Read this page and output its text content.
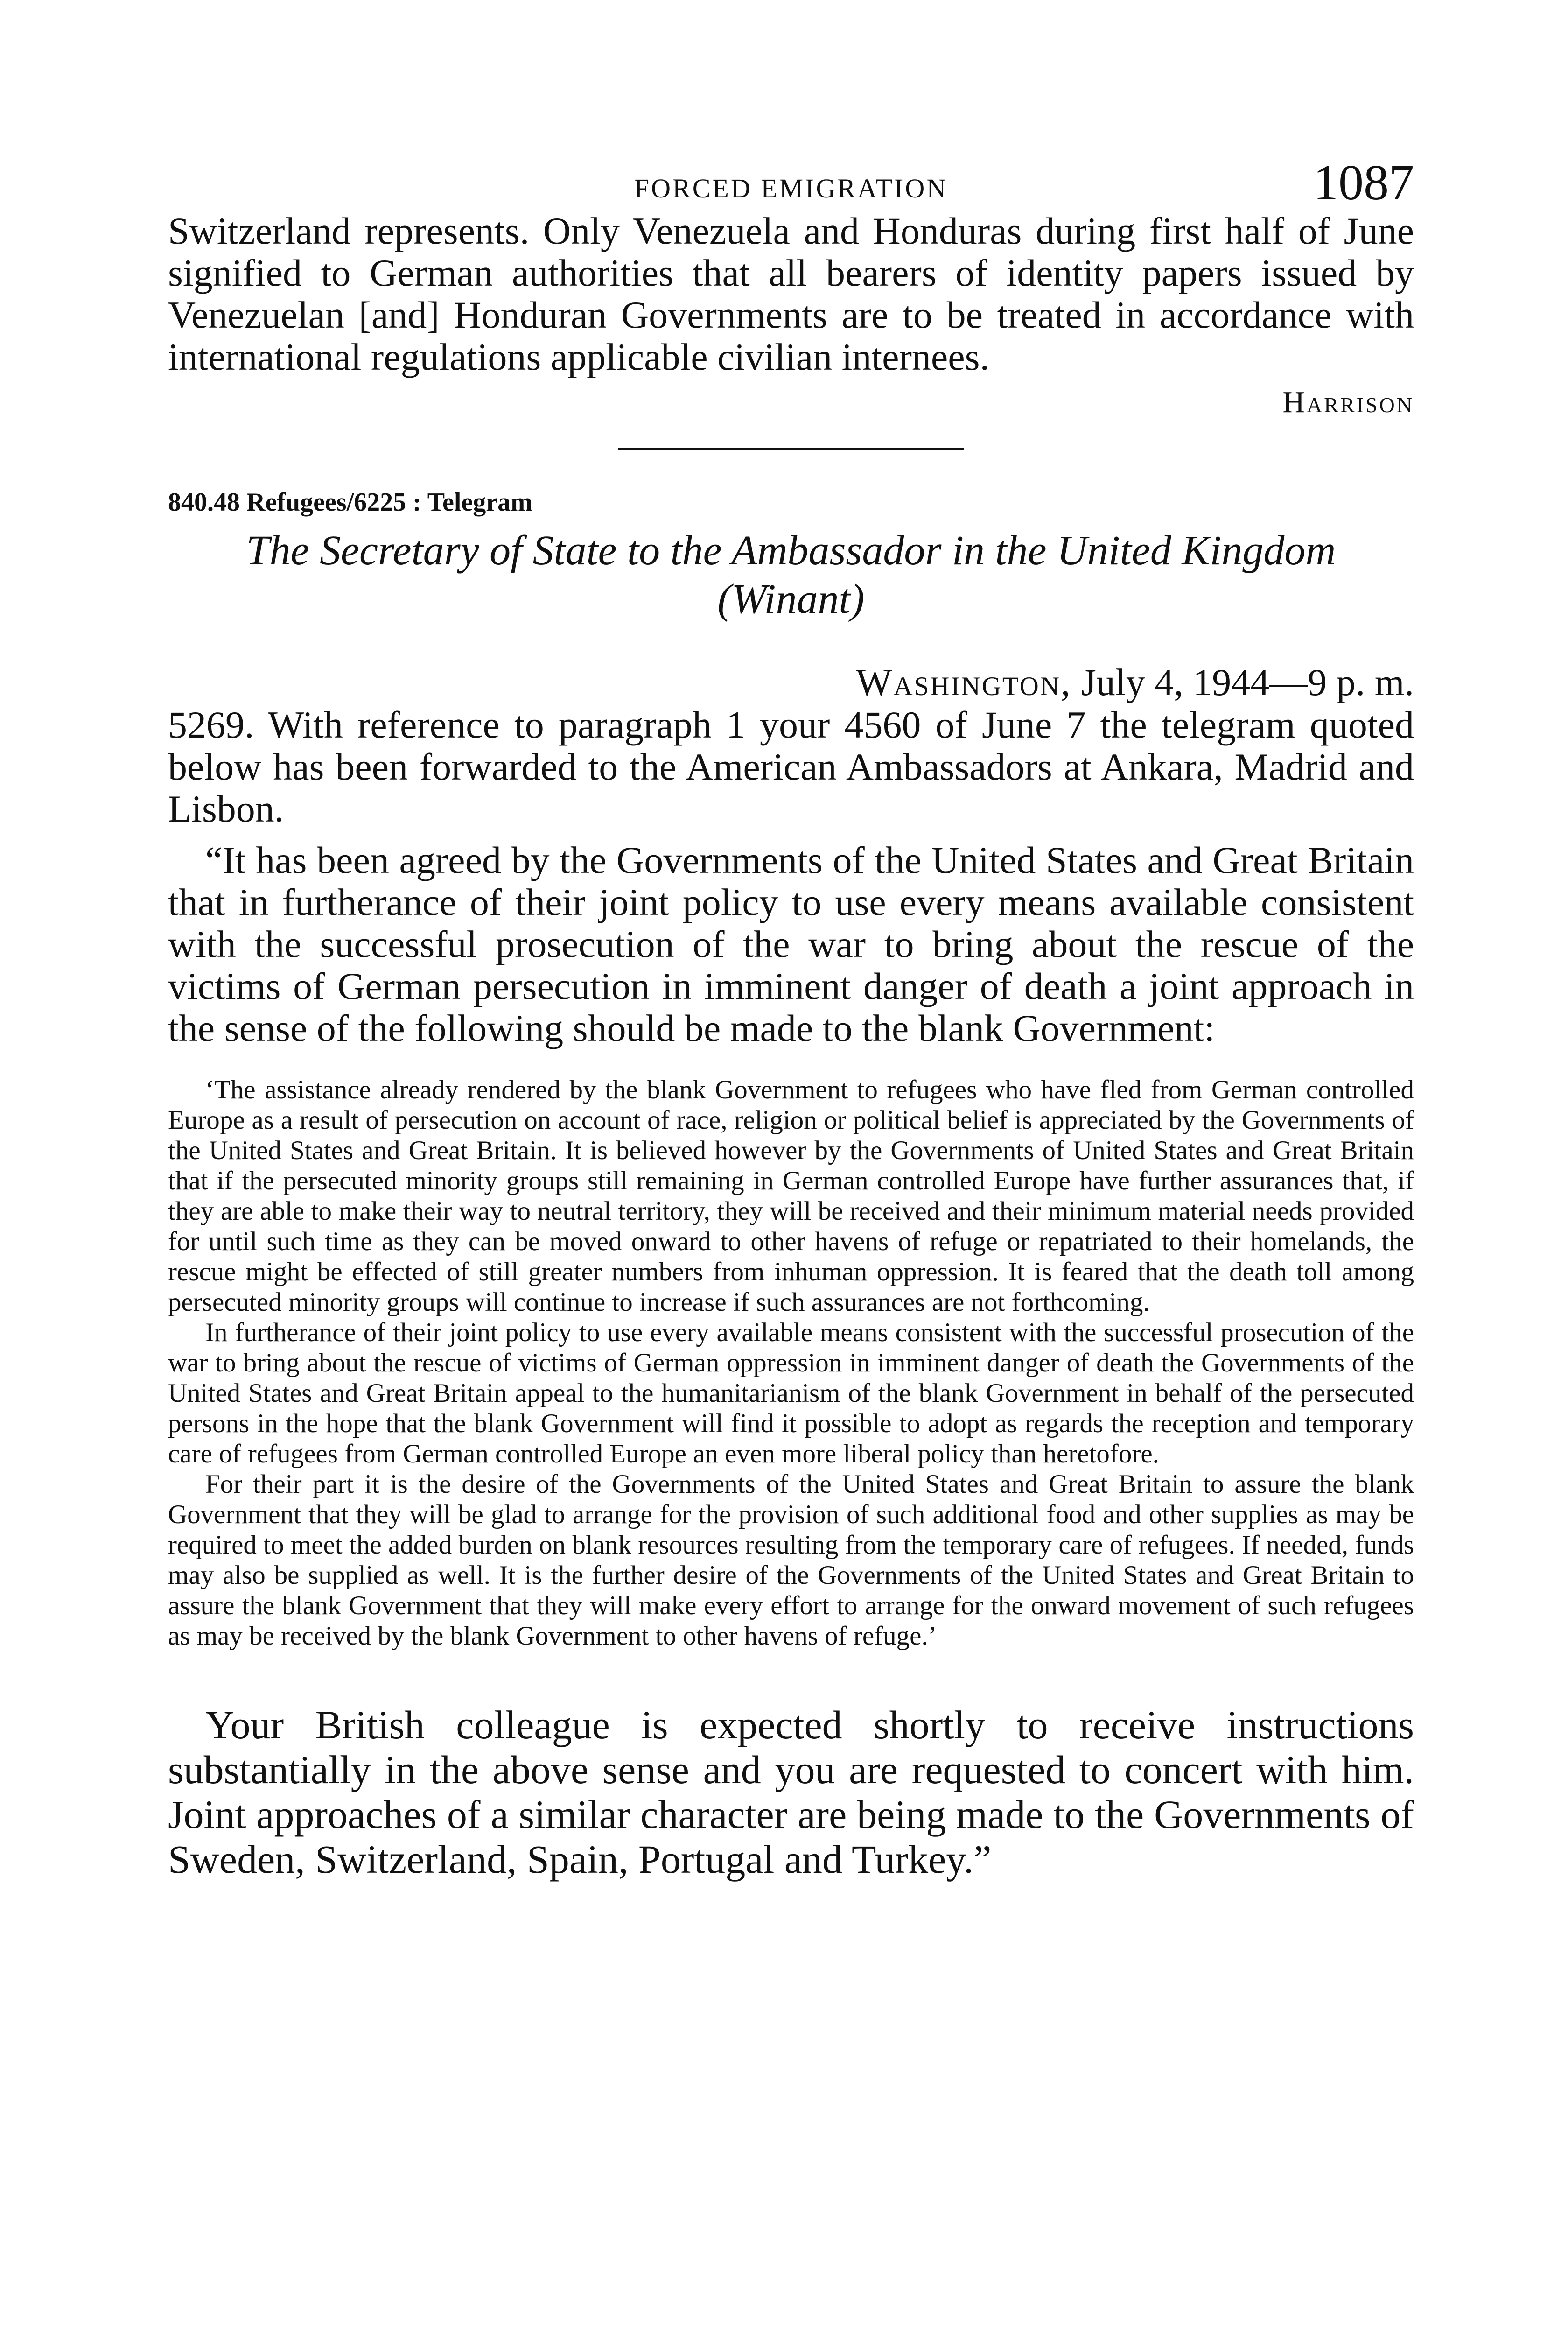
FORCED EMIGRATION	1087

Switzerland represents. Only Venezuela and Honduras during first half of June signified to German authorities that all bearers of identity papers issued by Venezuelan [and] Honduran Governments are to be treated in accordance with international regulations applicable civilian internees.

Harrison
840.48 Refugees/6225 : Telegram
The Secretary of State to the Ambassador in the United Kingdom
(Winant)
Washington, July 4, 1944—9 p. m.

5269. With reference to paragraph 1 your 4560 of June 7 the telegram quoted below has been forwarded to the American Ambassadors at Ankara, Madrid and Lisbon.

“It has been agreed by the Governments of the United States and Great Britain that in furtherance of their joint policy to use every means available consistent with the successful prosecution of the war to bring about the rescue of the victims of German persecution in imminent danger of death a joint approach in the sense of the following should be made to the blank Government:

‘The assistance already rendered by the blank Government to refugees who have fled from German controlled Europe as a result of persecution on account of race, religion or political belief is appreciated by the Governments of the United States and Great Britain. It is believed however by the Governments of United States and Great Britain that if the persecuted minority groups still remaining in German controlled Europe have further assurances that, if they are able to make their way to neutral territory, they will be received and their minimum material needs provided for until such time as they can be moved onward to other havens of refuge or repatriated to their homelands, the rescue might be effected of still greater numbers from inhuman oppression. It is feared that the death toll among persecuted minority groups will continue to increase if such assurances are not forthcoming.

In furtherance of their joint policy to use every available means consistent with the successful prosecution of the war to bring about the rescue of victims of German oppression in imminent danger of death the Governments of the United States and Great Britain appeal to the humanitarianism of the blank Government in behalf of the persecuted persons in the hope that the blank Government will find it possible to adopt as regards the reception and temporary care of refugees from German controlled Europe an even more liberal policy than heretofore.

For their part it is the desire of the Governments of the United States and Great Britain to assure the blank Government that they will be glad to arrange for the provision of such additional food and other supplies as may be required to meet the added burden on blank resources resulting from the temporary care of refugees. If needed, funds may also be supplied as well. It is the further desire of the Governments of the United States and Great Britain to assure the blank Government that they will make every effort to arrange for the onward movement of such refugees as may be received by the blank Government to other havens of refuge.’

Your British colleague is expected shortly to receive instructions substantially in the above sense and you are requested to concert with him. Joint approaches of a similar character are being made to the Governments of Sweden, Switzerland, Spain, Portugal and Turkey.”
